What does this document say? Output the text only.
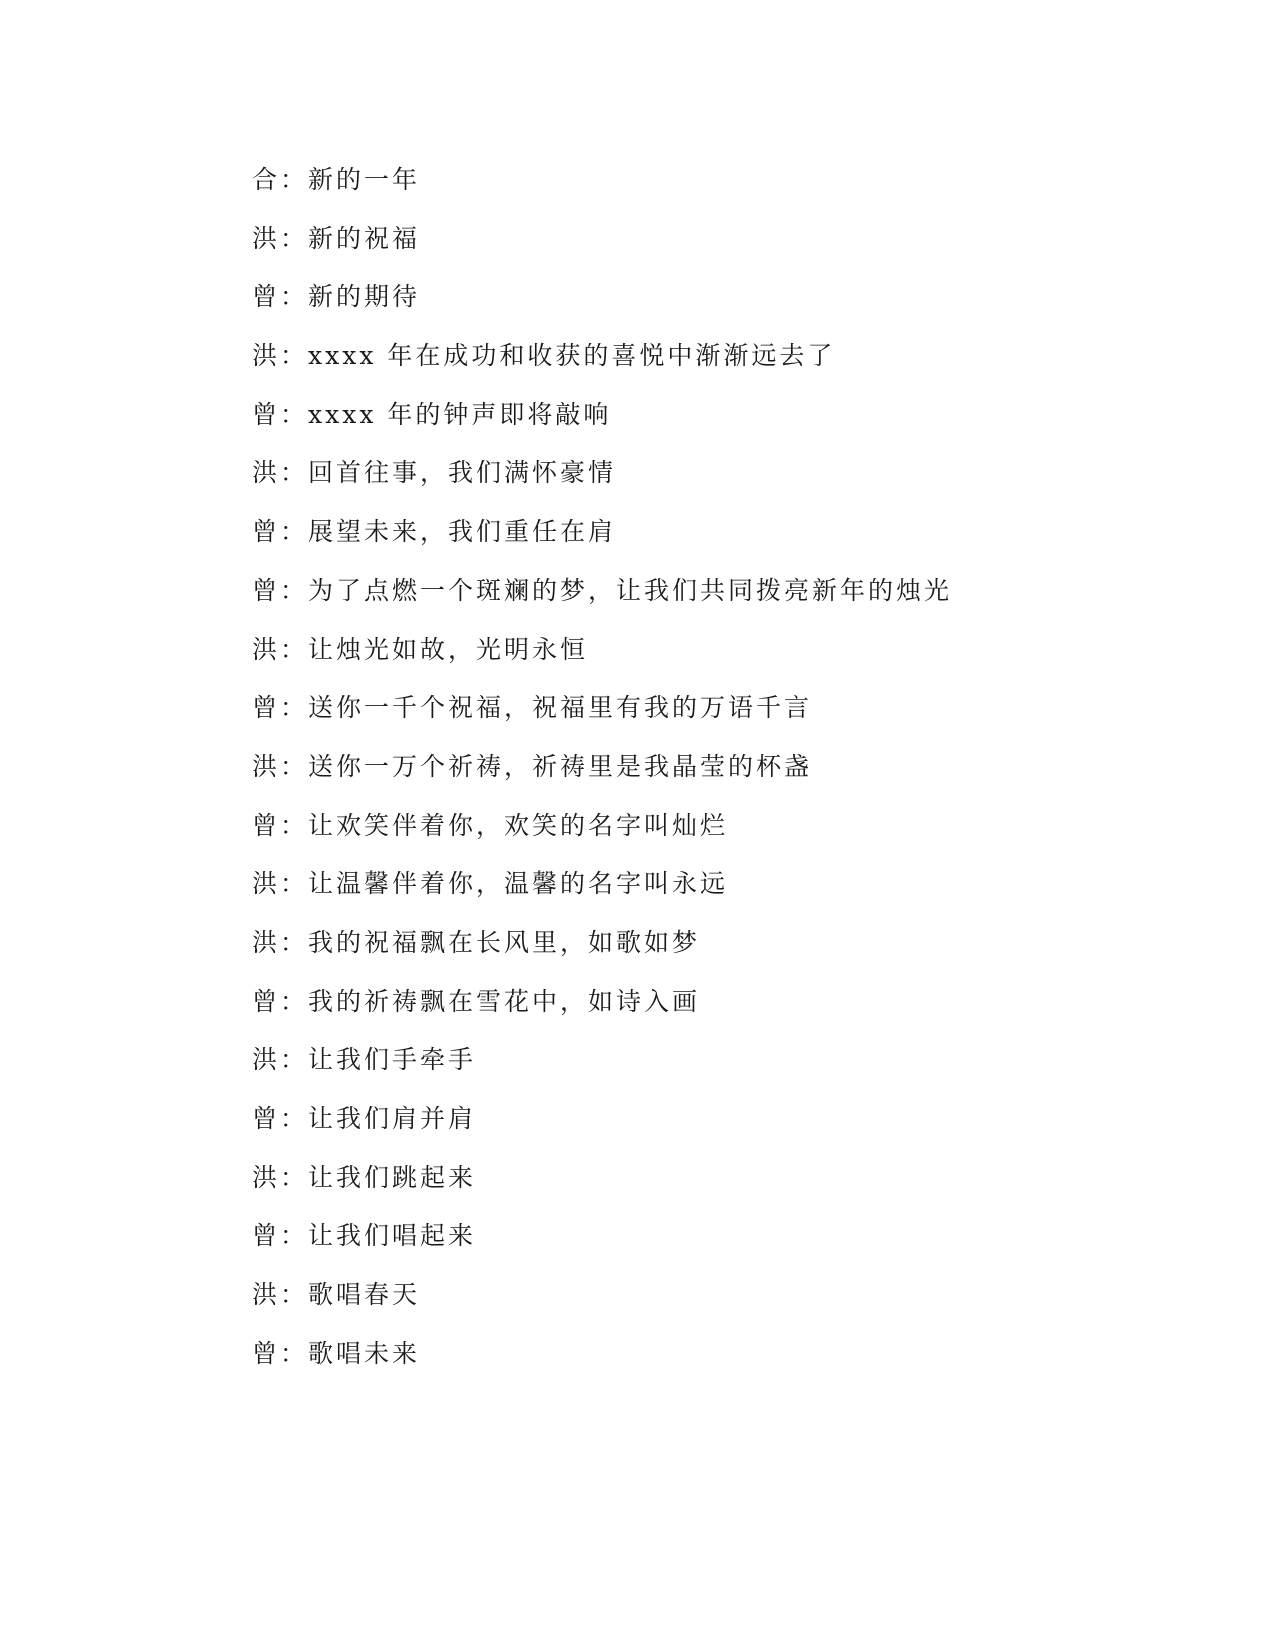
合：新的一年
洪：新的祝福
曾：新的期待
洪：xxxx 年在成功和收获的喜悦中渐渐远去了
曾：xxxx 年的钟声即将敲响
洪：回首往事，我们满怀豪情
曾：展望未来，我们重任在肩
曾：为了点燃一个斑斓的梦，让我们共同拨亮新年的烛光
洪：让烛光如故，光明永恒
曾：送你一千个祝福，祝福里有我的万语千言
洪：送你一万个祈祷，祈祷里是我晶莹的杯盏
曾：让欢笑伴着你，欢笑的名字叫灿烂
洪：让温馨伴着你，温馨的名字叫永远
洪：我的祝福飘在长风里，如歌如梦
曾：我的祈祷飘在雪花中，如诗入画
洪：让我们手牵手
曾：让我们肩并肩
洪：让我们跳起来
曾：让我们唱起来
洪：歌唱春天
曾：歌唱未来
